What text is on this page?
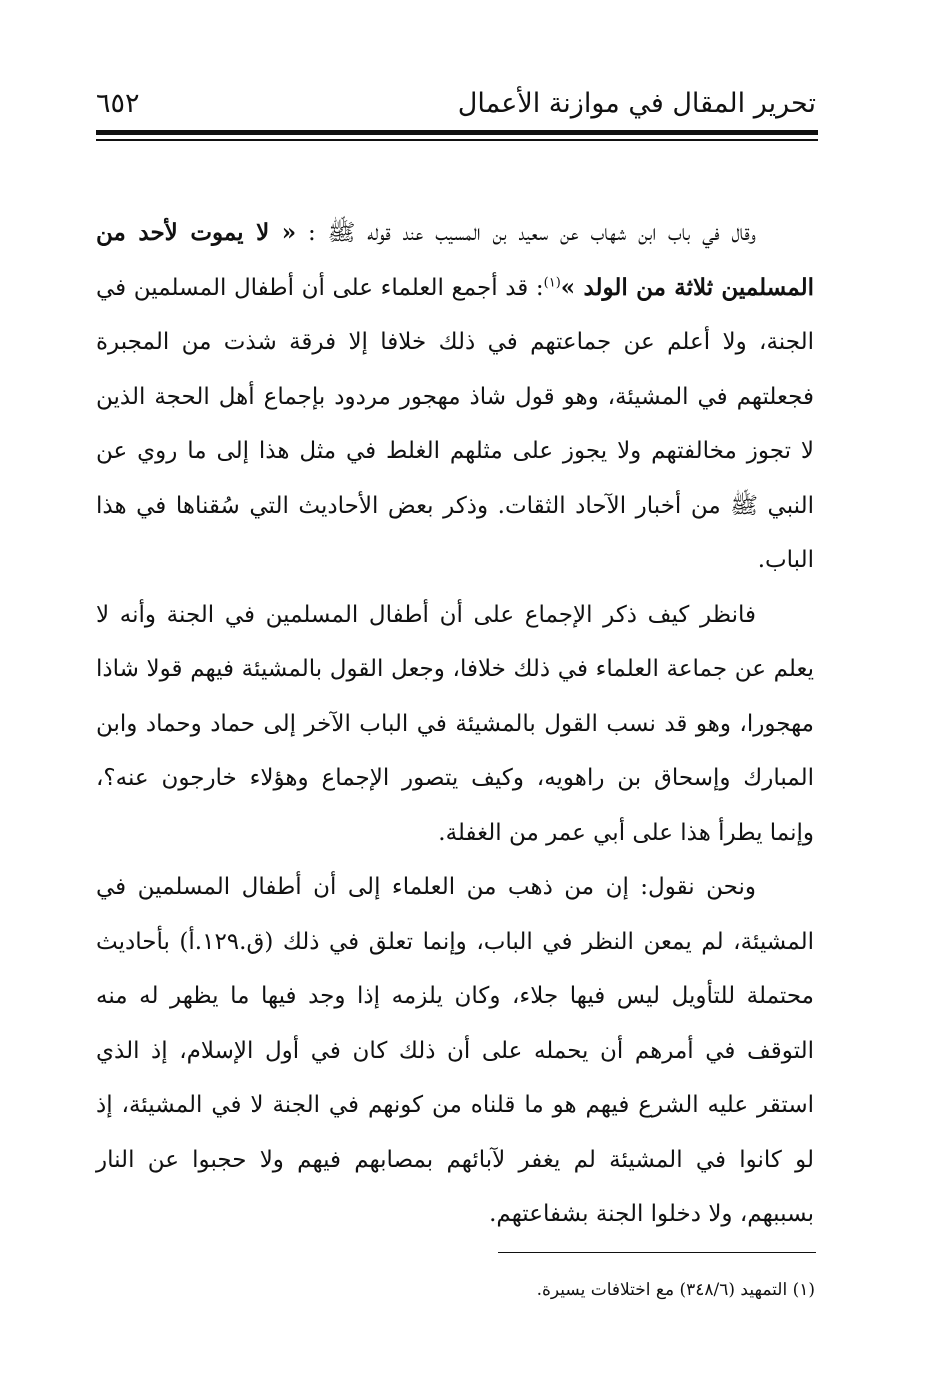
تحرير المقال في موازنة الأعمال
٦٥٢

وقال في باب ابن شهاب عن سعيد بن المسيب عند قوله ﷺ : « لا يموت لأحد من المسلمين ثلاثة من الولد »$^{(١)}$: قد أجمع العلماء على أن أطفال المسلمين في الجنة، ولا أعلم عن جماعتهم في ذلك خلافا إلا فرقة شذت من المجبرة فجعلتهم في المشيئة، وهو قول شاذ مهجور مردود بإجماع أهل الحجة الذين لا تجوز مخالفتهم ولا يجوز على مثلهم الغلط في مثل هذا إلى ما روي عن النبي ﷺ من أخبار الآحاد الثقات. وذكر بعض الأحاديث التي سُقناها في هذا الباب.

فانظر كيف ذكر الإجماع على أن أطفال المسلمين في الجنة وأنه لا يعلم عن جماعة العلماء في ذلك خلافا، وجعل القول بالمشيئة فيهم قولا شاذا مهجورا، وهو قد نسب القول بالمشيئة في الباب الآخر إلى حماد وحماد وابن المبارك وإسحاق بن راهويه، وكيف يتصور الإجماع وهؤلاء خارجون عنه؟، وإنما يطرأ هذا على أبي عمر من الغفلة.

ونحن نقول: إن من ذهب من العلماء إلى أن أطفال المسلمين في المشيئة، لم يمعن النظر في الباب، وإنما تعلق في ذلك (ق.١٢٩.أ) بأحاديث محتملة للتأويل ليس فيها جلاء، وكان يلزمه إذا وجد فيها ما يظهر له منه التوقف في أمرهم أن يحمله على أن ذلك كان في أول الإسلام، إذ الذي استقر عليه الشرع فيهم هو ما قلناه من كونهم في الجنة لا في المشيئة، إذ لو كانوا في المشيئة لم يغفر لآبائهم بمصابهم فيهم ولا حجبوا عن النار بسببهم، ولا دخلوا الجنة بشفاعتهم.

(١) التمهيد (٣٤٨/٦) مع اختلافات يسيرة.
